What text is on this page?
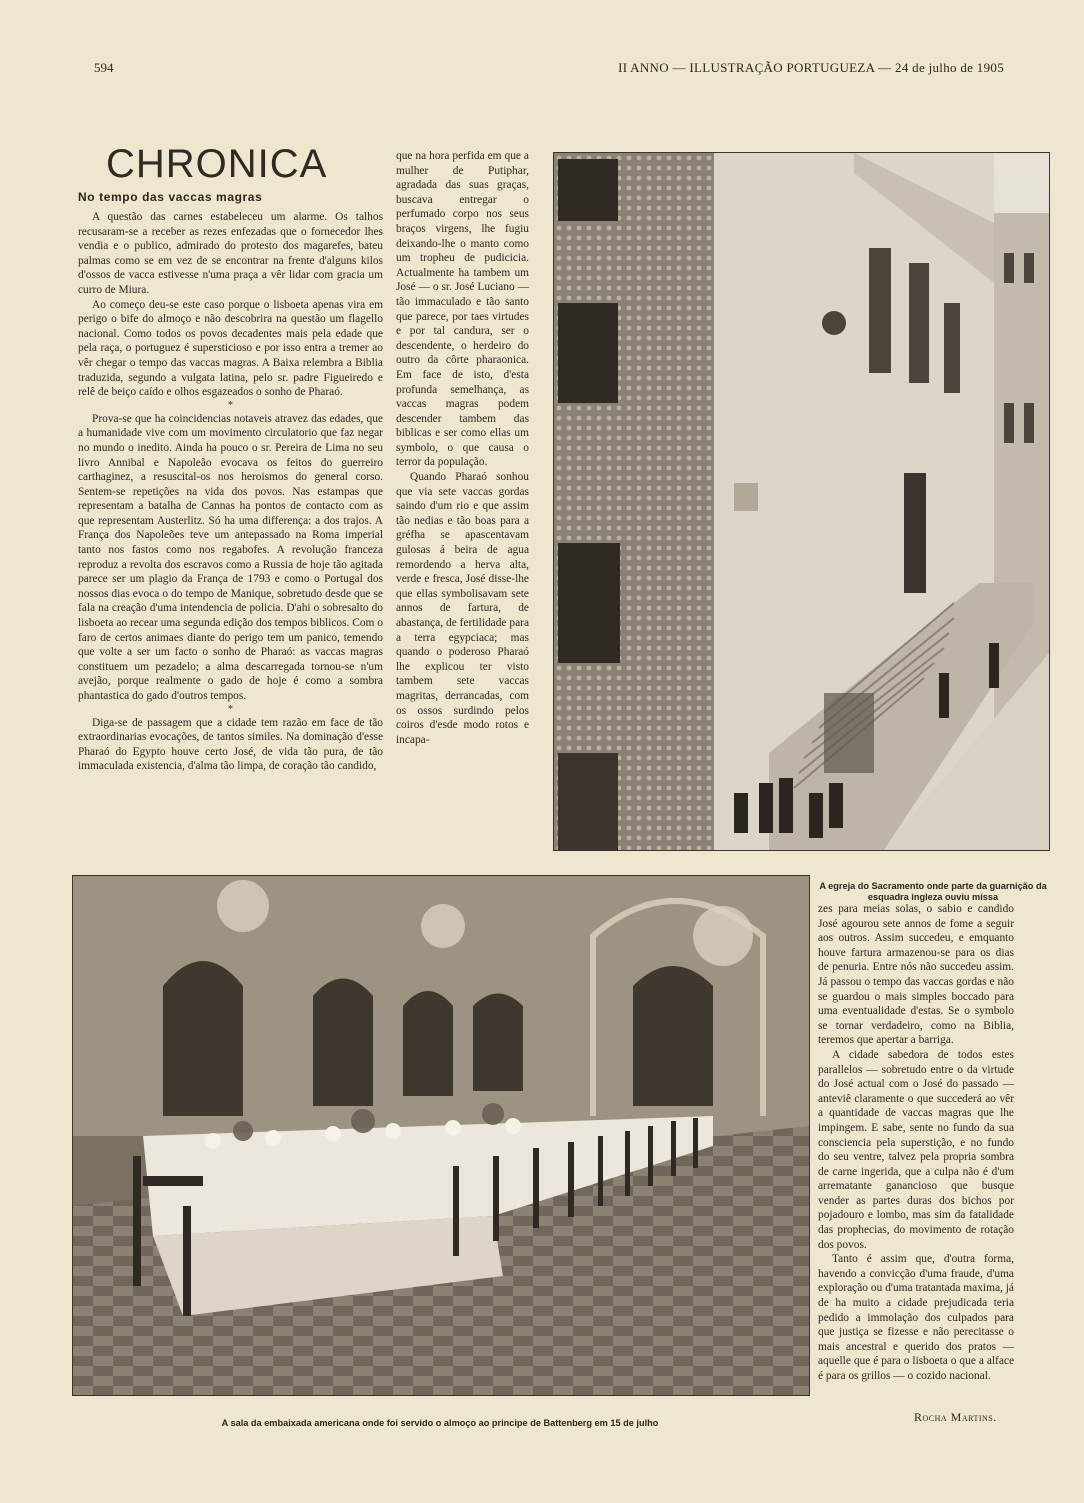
594	II ANNO — ILLUSTRAÇÃO PORTUGUEZA — 24 de julho de 1905
CHRONICA
No tempo das vaccas magras

A questão das carnes estabeleceu um alarme. Os talhos recusaram-se a receber as rezes enfezadas que o fornecedor lhes vendia e o publico, admirado do protesto dos magarefes, bateu palmas como se em vez de se encontrar na frente d'alguns kilos d'ossos de vacca estivesse n'uma praça a vêr lidar com gracia um curro de Miura.

Ao começo deu-se este caso porque o lisboeta apenas vira em perigo o bife do almoço e não descobrira na questão um flagello nacional. Como todos os povos decadentes mais pela edade que pela raça, o portuguez é supersticioso e por isso entra a tremer ao vêr chegar o tempo das vaccas magras. A Baixa relembra a Biblia traduzida, segundo a vulgata latina, pelo sr. padre Figueiredo e relê de beiço caído e olhos esgazeados o sonho de Pharaó.

*

Prova-se que ha coincidencias notaveis atravez das edades, que a humanidade vive com um movimento circulatorio que faz negar no mundo o inedito. Ainda ha pouco o sr. Pereira de Lima no seu livro Annibal e Napoleão evocava os feitos do guerreiro carthaginez, a resuscital-os nos heroismos do general corso. Sentem-se repetições na vida dos povos. Nas estampas que representam a batalha de Cannas ha pontos de contacto com as que representam Austerlitz. Só ha uma differença: a dos trajos. A França dos Napoleões teve um antepassado na Roma imperial tanto nos fastos como nos regabofes. A revolução franceza reproduz a revolta dos escravos como a Russia de hoje tão agitada parece ser um plagio da França de 1793 e como o Portugal dos nossos dias evoca o do tempo de Manique, sobretudo desde que se fala na creação d'uma intendencia de policia. D'ahi o sobresalto do lisboeta ao recear uma segunda edição dos tempos biblicos. Com o faro de certos animaes diante do perigo tem um panico, temendo que volte a ser um facto o sonho de Pharaó: as vaccas magras constituem um pezadelo; a alma descarregada tornou-se n'um avejão, porque realmente o gado de hoje é como a sombra phantastica do gado d'outros tempos.

*

Diga-se de passagem que a cidade tem razão em face de tão extraordinarias evocações, de tantos similes. Na dominação d'esse Pharaó do Egypto houve certo José, de vida tão pura, de tão immaculada existencia, d'alma tão limpa, de coração tão candido,

que na hora perfida em que a mulher de Putiphar, agradada das suas graças, buscava entregar o perfumado corpo nos seus braços virgens, lhe fugiu deixando-lhe o manto como um tropheu de pudicicia. Actualmente ha tambem um José — o sr. José Luciano — tão immaculado e tão santo que parece, por taes virtudes e por tal candura, ser o descendente, o herdeiro do outro da côrte pharaonica. Em face de isto, d'esta profunda semelhança, as vaccas magras podem descender tambem das biblicas e ser como ellas um symbolo, o que causa o terror da população.

Quando Pharaó sonhou que via sete vaccas gordas saindo d'um rio e que assim tão nedias e tão boas para a gréfha se apascentavam gulosas á beira de agua remordendo a herva alta, verde e fresca, José disse-lhe que ellas symbolisavam sete annos de fartura, de abastança, de fertilidade para a terra egypciaca; mas quando o poderoso Pharaó lhe explicou ter visto tambem sete vaccas magritas, derrancadas, com os ossos surdindo pelos coiros d'esde modo rotos e incapa-

A egreja do Sacramento onde parte da guarnição da esquadra ingleza ouviu missa
A sala da embaixada americana onde foi servido o almoço ao principe de Battenberg em 15 de julho

zes para meias solas, o sabio e candido José agourou sete annos de fome a seguir aos outros. Assim succedeu, e emquanto houve fartura armazenou-se para os dias de penuria. Entre nós não succedeu assim. Já passou o tempo das vaccas gordas e não se guardou o mais simples boccado para uma eventualidade d'estas. Se o symbolo se tornar verdadeiro, como na Biblia, teremos que apertar a barriga.

A cidade sabedora de todos estes parallelos — sobretudo entre o da virtude do José actual com o José do passado — anteviê claramente o que succederá ao vêr a quantidade de vaccas magras que lhe impingem. E sabe, sente no fundo da sua consciencia pela superstição, e no fundo do seu ventre, talvez pela propria sombra de carne ingerida, que a culpa não é d'um arrematante ganancioso que busque vender as partes duras dos bichos por pojadouro e lombo, mas sim da fatalidade das prophecias, do movimento de rotação dos povos.

Tanto é assim que, d'outra forma, havendo a convicção d'uma fraude, d'uma exploração ou d'uma tratantada maxima, já de ha muito a cidade prejudicada teria pedido a immolação dos culpados para que justiça se fizesse e não perecitasse o mais ancestral e querido dos pratos — aquelle que é para o lisboeta o que a alface é para os grillos — o cozido nacional.

Rocha Martins.
